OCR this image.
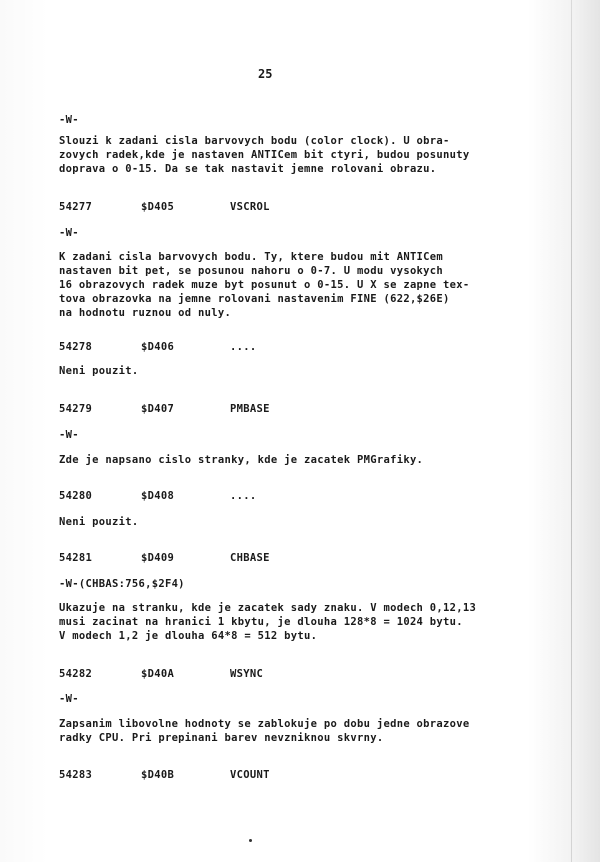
25
-W-
Slouzi k zadani cisla barvovych bodu (color clock). U obra-
zovych radek,kde je nastaven ANTICem bit ctyri, budou posunuty
doprava o 0-15. Da se tak nastavit jemne rolovani obrazu.
54277	$D405	VSCROL
-W-
K zadani cisla barvovych bodu. Ty, ktere budou mit ANTICem
nastaven bit pet, se posunou nahoru o 0-7. U modu vysokych
16 obrazovych radek muze byt posunut o 0-15. U X se zapne tex-
tova obrazovka na jemne rolovani nastavenim FINE (622,$26E)
na hodnotu ruznou od nuly.
54278	$D406	....
Neni pouzit.
54279	$D407	PMBASE
-W-
Zde je napsano cislo stranky, kde je zacatek PMGrafiky.
54280	$D408	....
Neni pouzit.
54281	$D409	CHBASE
-W-(CHBAS:756,$2F4)
Ukazuje na stranku, kde je zacatek sady znaku. V modech 0,12,13
musi zacinat na hranici 1 kbytu, je dlouha 128*8 = 1024 bytu.
V modech 1,2 je dlouha 64*8 = 512 bytu.
54282	$D40A	WSYNC
-W-
Zapsanim libovolne hodnoty se zablokuje po dobu jedne obrazove
radky CPU. Pri prepinani barev nevzniknou skvrny.
54283	$D40B	VCOUNT
